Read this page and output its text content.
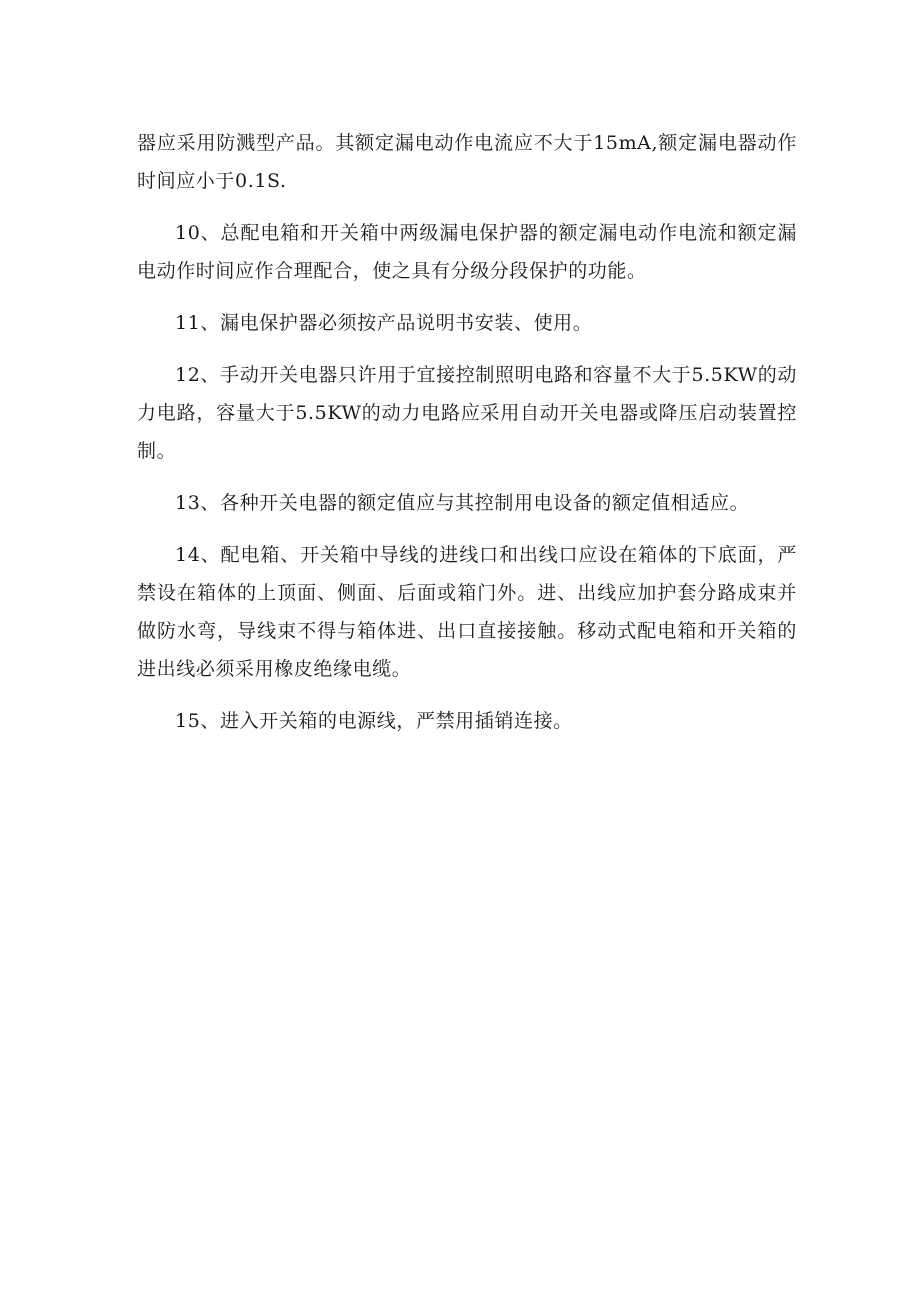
器应采用防溅型产品。其额定漏电动作电流应不大于15mA,额定漏电器动作时间应小于0.1S.

10、总配电箱和开关箱中两级漏电保护器的额定漏电动作电流和额定漏电动作时间应作合理配合，使之具有分级分段保护的功能。

11、漏电保护器必须按产品说明书安装、使用。

12、手动开关电器只许用于宜接控制照明电路和容量不大于5.5KW的动力电路，容量大于5.5KW的动力电路应采用自动开关电器或降压启动装置控制。

13、各种开关电器的额定值应与其控制用电设备的额定值相适应。

14、配电箱、开关箱中导线的进线口和出线口应设在箱体的下底面，严禁设在箱体的上顶面、侧面、后面或箱门外。进、出线应加护套分路成束并做防水弯，导线束不得与箱体进、出口直接接触。移动式配电箱和开关箱的进出线必须采用橡皮绝缘电缆。

15、进入开关箱的电源线，严禁用插销连接。
